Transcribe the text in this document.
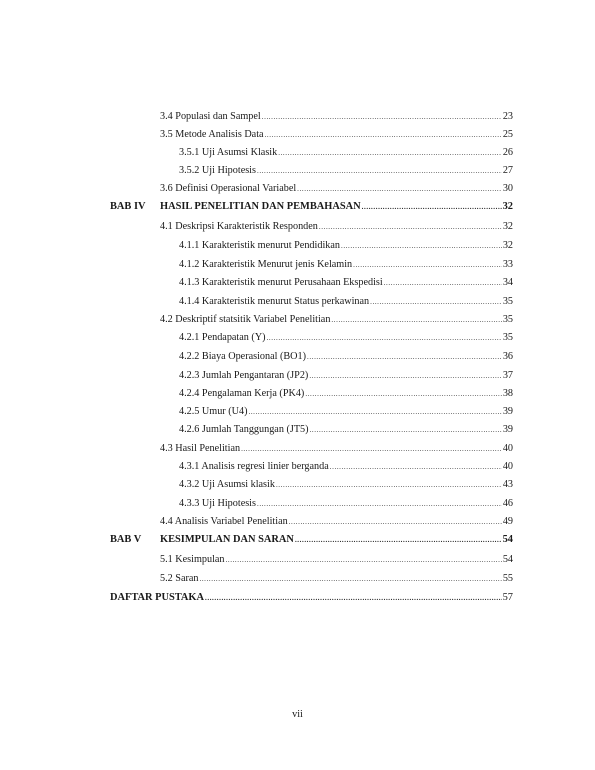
3.4 Populasi dan Sampel .....	23
3.5 Metode Analisis Data .....	25
3.5.1 Uji Asumsi Klasik .....	26
3.5.2 Uji Hipotesis .....	27
3.6 Definisi Operasional Variabel .....	30
BAB IV	HASIL PENELITIAN DAN PEMBAHASAN .....	32
4.1 Deskripsi Karakteristik Responden .....	32
4.1.1 Karakteristik menurut Pendidikan .....	32
4.1.2 Karakteristik Menurut jenis Kelamin .....	33
4.1.3 Karakteristik menurut Perusahaan Ekspedisi .....	34
4.1.4 Karakteristik menurut Status perkawinan .....	35
4.2 Deskriptif statsitik Variabel Penelitian .....	35
4.2.1 Pendapatan (Y) .....	35
4.2.2 Biaya Operasional (BO1) .....	36
4.2.3 Jumlah Pengantaran (JP2) .....	37
4.2.4 Pengalaman Kerja (PK4) .....	38
4.2.5 Umur (U4) .....	39
4.2.6 Jumlah Tanggungan (JT5) .....	39
4.3 Hasil Penelitian .....	40
4.3.1 Analisis regresi linier berganda .....	40
4.3.2 Uji Asumsi klasik .....	43
4.3.3 Uji Hipotesis .....	46
4.4 Analisis Variabel Penelitian .....	49
BAB V	KESIMPULAN DAN SARAN .....	54
5.1 Kesimpulan .....	54
5.2 Saran .....	55
DAFTAR PUSTAKA .....	57
vii
